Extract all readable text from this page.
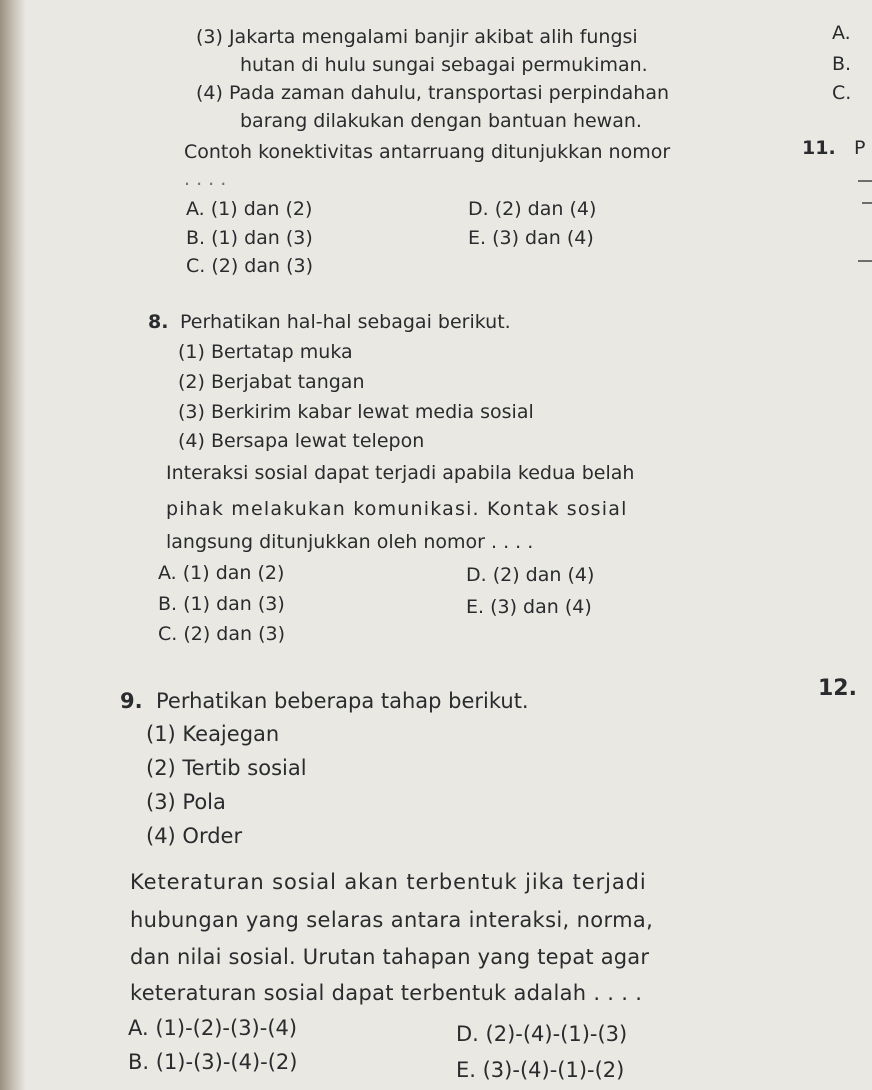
(3) Jakarta mengalami banjir akibat alih fungsi
hutan di hulu sungai sebagai permukiman.
(4) Pada zaman dahulu, transportasi perpindahan
barang dilakukan dengan bantuan hewan.
Contoh konektivitas antarruang ditunjukkan nomor
. . . .
A. (1) dan (2)
B. (1) dan (3)
C. (2) dan (3)
D. (2) dan (4)
E. (3) dan (4)
8. Perhatikan hal-hal sebagai berikut.
(1) Bertatap muka
(2) Berjabat tangan
(3) Berkirim kabar lewat media sosial
(4) Bersapa lewat telepon
Interaksi sosial dapat terjadi apabila kedua belah
pihak melakukan komunikasi. Kontak sosial
langsung ditunjukkan oleh nomor . . . .
A. (1) dan (2)
B. (1) dan (3)
C. (2) dan (3)
D. (2) dan (4)
E. (3) dan (4)
9. Perhatikan beberapa tahap berikut.
(1) Keajegan
(2) Tertib sosial
(3) Pola
(4) Order
Keteraturan sosial akan terbentuk jika terjadi
hubungan yang selaras antara interaksi, norma,
dan nilai sosial. Urutan tahapan yang tepat agar
keteraturan sosial dapat terbentuk adalah . . . .
A. (1)-(2)-(3)-(4)
B. (1)-(3)-(4)-(2)
D. (2)-(4)-(1)-(3)
E. (3)-(4)-(1)-(2)
A.
B.
C.
11. P
12.
